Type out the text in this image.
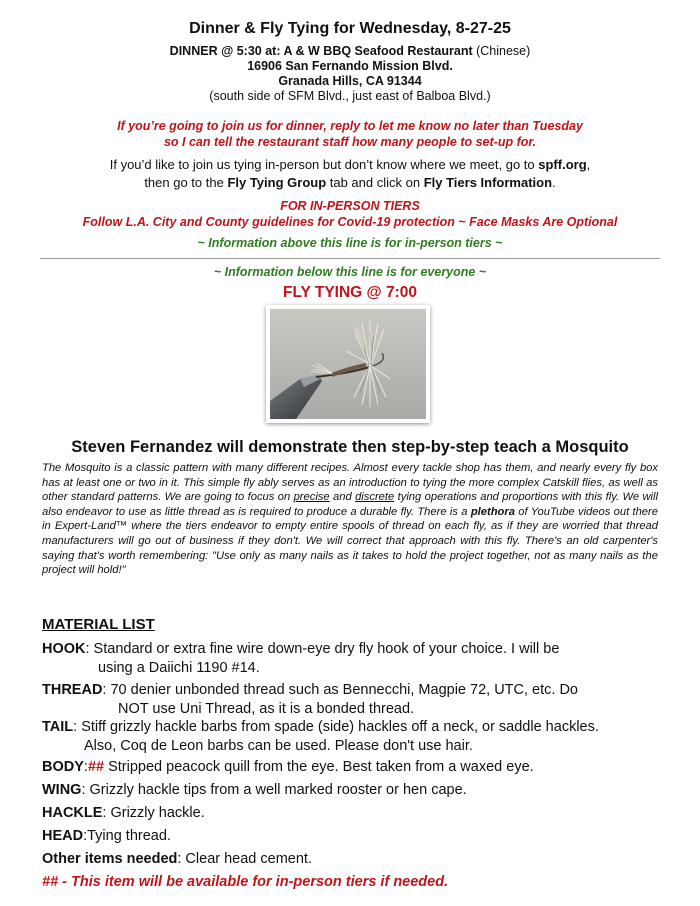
Dinner & Fly Tying for Wednesday, 8-27-25

DINNER @ 5:30 at: A & W BBQ Seafood Restaurant (Chinese)
16906 San Fernando Mission Blvd.
Granada Hills, CA 91344
(south side of SFM Blvd., just east of Balboa Blvd.)
If you’re going to join us for dinner, reply to let me know no later than Tuesday
so I can tell the restaurant staff how many people to set-up for.
If you’d like to join us tying in-person but don’t know where we meet, go to spff.org,
then go to the Fly Tying Group tab and click on Fly Tiers Information.
FOR IN-PERSON TIERS
Follow L.A. City and County guidelines for Covid-19 protection ~ Face Masks Are Optional

~ Information above this line is for in-person tiers ~

~ Information below this line is for everyone ~

FLY TYING @ 7:00

Steven Fernandez will demonstrate then step-by-step teach a Mosquito

The Mosquito is a classic pattern with many different recipes. Almost every tackle shop has them, and nearly every fly box has at least one or two in it. This simple fly ably serves as an introduction to tying the more complex Catskill flies, as well as other standard patterns. We are going to focus on precise and discrete tying operations and proportions with this fly. We will also endeavor to use as little thread as is required to produce a durable fly. There is a plethora of YouTube videos out there in Expert-Land™ where the tiers endeavor to empty entire spools of thread on each fly, as if they are worried that thread manufacturers will go out of business if they don't. We will correct that approach with this fly. There's an old carpenter's saying that's worth remembering: "Use only as many nails as it takes to hold the project together, not as many nails as the project will hold!"

MATERIAL LIST
HOOK: Standard or extra fine wire down-eye dry fly hook of your choice. I will be
using a Daiichi 1190 #14.
THREAD: 70 denier unbonded thread such as Bennecchi, Magpie 72, UTC, etc. Do
NOT use Uni Thread, as it is a bonded thread.
TAIL: Stiff grizzly hackle barbs from spade (side) hackles off a neck, or saddle hackles.
Also, Coq de Leon barbs can be used. Please don't use hair.
BODY:## Stripped peacock quill from the eye. Best taken from a waxed eye.
WING: Grizzly hackle tips from a well marked rooster or hen cape.
HACKLE: Grizzly hackle.
HEAD:Tying thread.
Other items needed: Clear head cement.
## - This item will be available for in-person tiers if needed.
